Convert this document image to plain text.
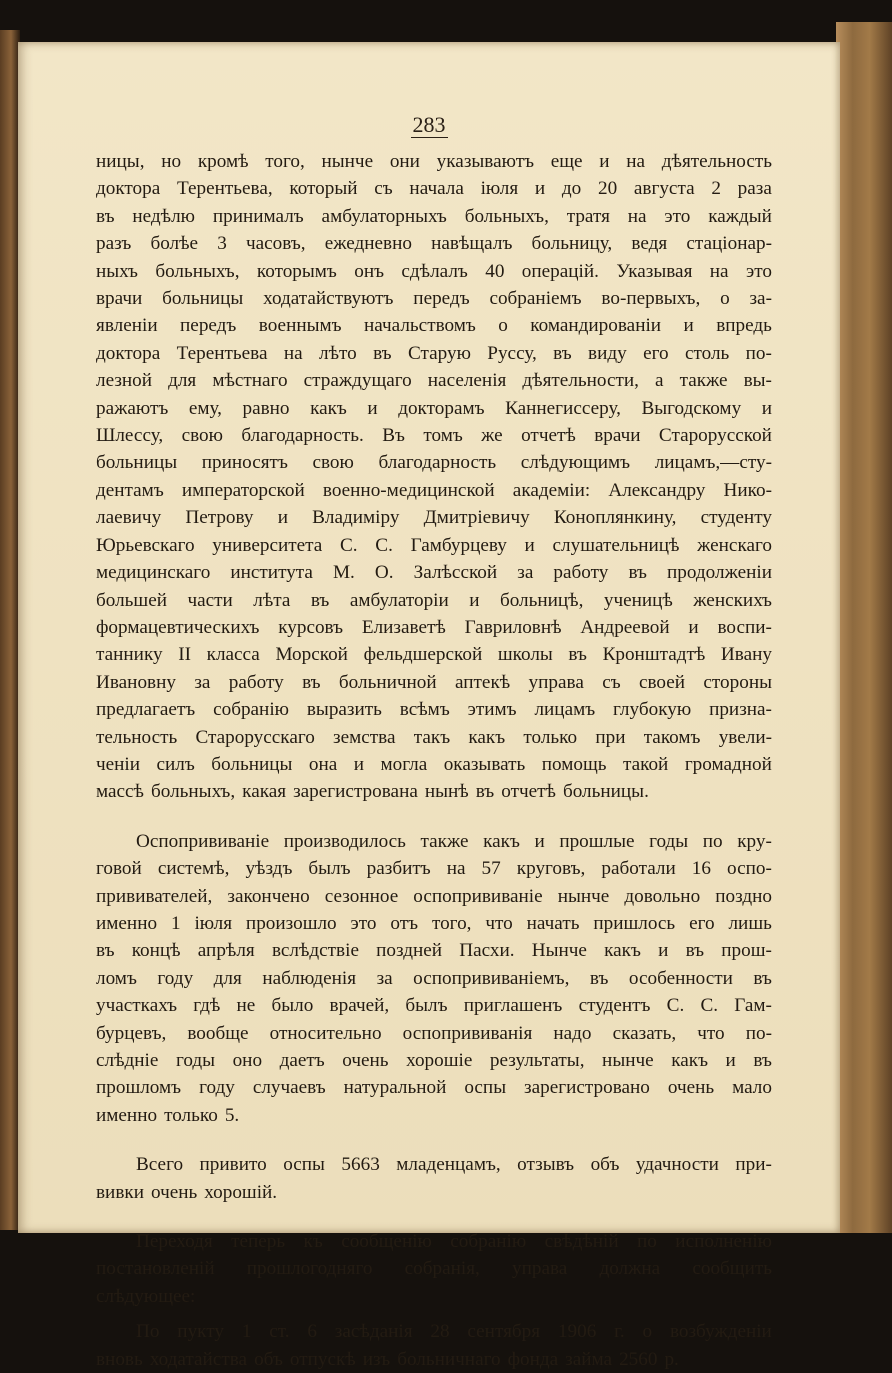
283
ницы, но кромѣ того, нынче они указываютъ еще и на дѣятельность
доктора Терентьева, который съ начала iюля и до 20 августа 2 раза
въ недѣлю принималъ амбулаторныхъ больныхъ, тратя на это каждый
разъ болѣе 3 часовъ, ежедневно навѣщалъ больницу, ведя стацiонар-
ныхъ больныхъ, которымъ онъ сдѣлалъ 40 операцiй. Указывая на это
врачи больницы ходатайствуютъ передъ собранiемъ во-первыхъ, о за-
явленiи передъ военнымъ начальствомъ о командированiи и впредь
доктора Терентьева на лѣто въ Старую Руссу, въ виду его столь по-
лезной для мѣстнаго страждущаго населенiя дѣятельности, а также вы-
ражаютъ ему, равно какъ и докторамъ Каннегиссеру, Выгодскому и
Шлессу, свою благодарность. Въ томъ же отчетѣ врачи Старорусской
больницы приносятъ свою благодарность слѣдующимъ лицамъ,—сту-
дентамъ императорской военно-медицинской академiи: Александру Нико-
лаевичу Петрову и Владимiру Дмитрiевичу Коноплянкину, студенту
Юрьевскаго университета С. С. Гамбурцеву и слушательницѣ женскаго
медицинскаго института М. О. Залѣсской за работу въ продолженiи
большей части лѣта въ амбулаторiи и больницѣ, ученицѣ женскихъ
формацевтическихъ курсовъ Елизаветѣ Гавриловнѣ Андреевой и воспи-
таннику II класса Морской фельдшерской школы въ Кронштадтѣ Ивану
Ивановну за работу въ больничной аптекѣ управа съ своей стороны
предлагаетъ собранiю выразить всѣмъ этимъ лицамъ глубокую призна-
тельность Старорусскаго земства такъ какъ только при такомъ увели-
ченiи силъ больницы она и могла оказывать помощь такой громадной
массѣ больныхъ, какая зарегистрована нынѣ въ отчетѣ больницы.
Оспопрививанiе производилось также какъ и прошлые годы по кру-
говой системѣ, уѣздъ былъ разбитъ на 57 круговъ, работали 16 оспо-
прививателей, закончено сезонное оспопрививанiе нынче довольно поздно
именно 1 iюля произошло это отъ того, что начать пришлось его лишь
въ концѣ апрѣля вслѣдствiе поздней Пасхи. Нынче какъ и въ прош-
ломъ году для наблюденiя за оспопрививанiемъ, въ особенности въ
участкахъ гдѣ не было врачей, былъ приглашенъ студентъ С. С. Гам-
бурцевъ, вообще относительно оспопрививанiя надо сказать, что по-
слѣднiе годы оно даетъ очень хорошiе результаты, нынче какъ и въ
прошломъ году случаевъ натуральной оспы зарегистровано очень мало
именно только 5.
Всего привито оспы 5663 младенцамъ, отзывъ объ удачности при-
вивки очень хорошiй.
Переходя теперь къ сообщенiю собранiю свѣдѣнiй по исполненiю
постановленiй прошлогодняго собранiя, управа должна сообщить
слѣдующее:
По пукту 1 ст. 6 засѣданiя 28 сентября 1906 г. о возбужденiи
вновь ходатайства объ отпускѣ изъ больничнаго фонда займа 2560 р.
